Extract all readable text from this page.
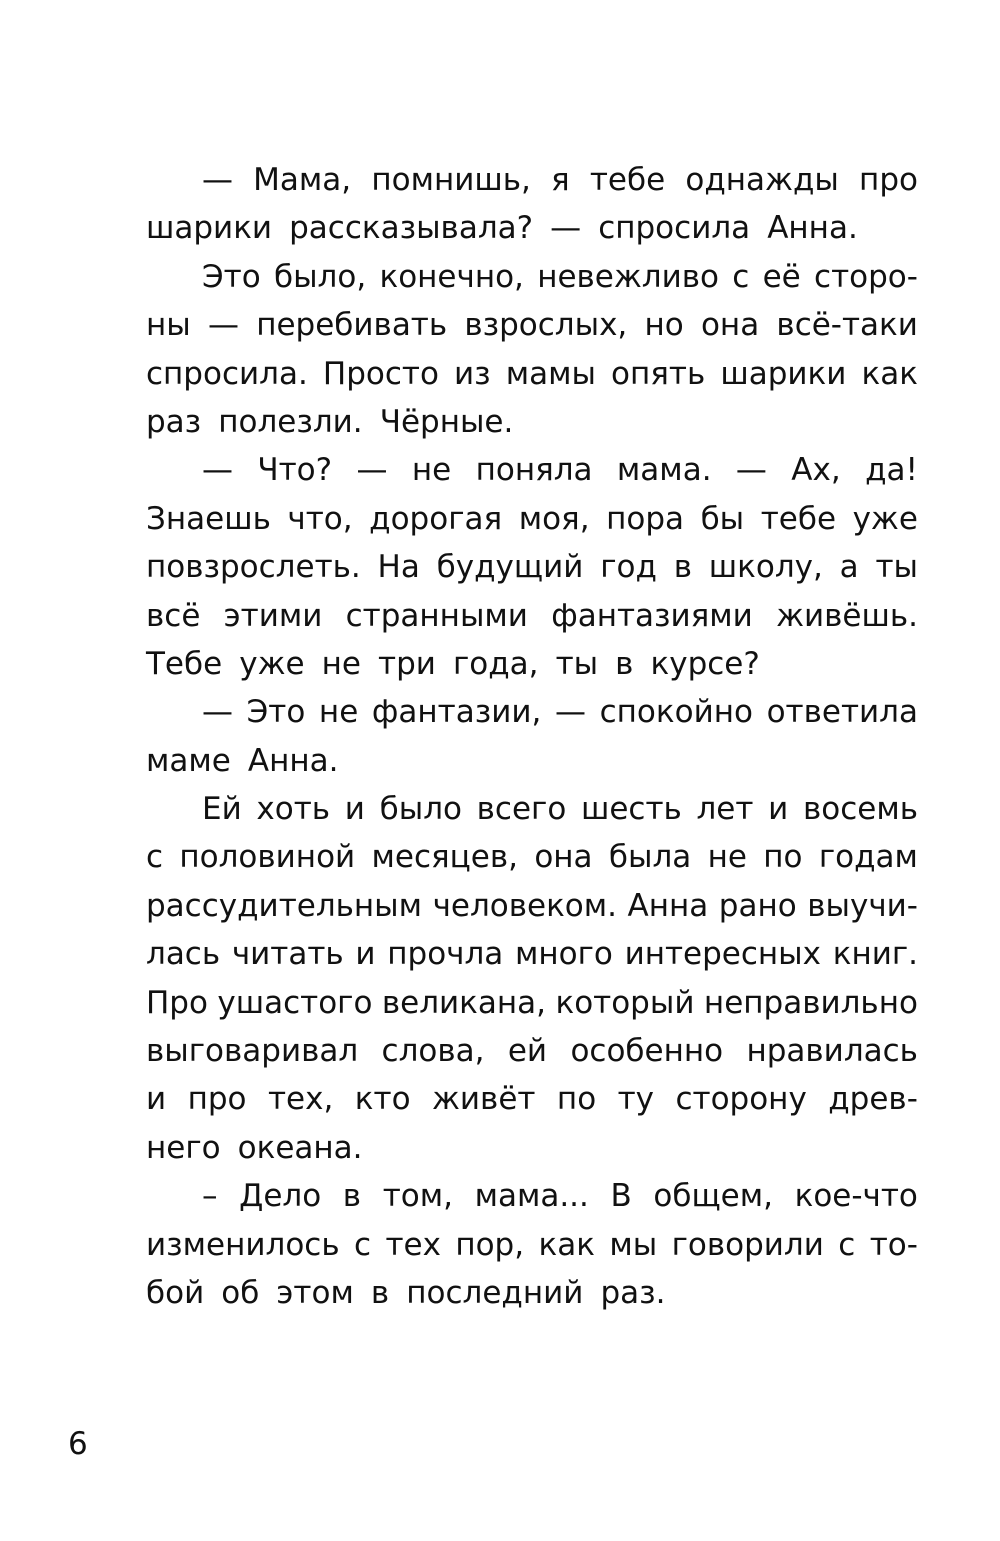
— Мама, помнишь, я тебе однажды про
шарики рассказывала? — спросила Анна.
Это было, конечно, невежливо с её сторо-
ны — перебивать взрослых, но она всё-таки
спросила. Просто из мамы опять шарики как
раз полезли. Чёрные.
— Что? — не поняла мама. — Ах, да!
Знаешь что, дорогая моя, пора бы тебе уже
повзрослеть. На будущий год в школу, а ты
всё этими странными фантазиями живёшь.
Тебе уже не три года, ты в курсе?
— Это не фантазии, — спокойно ответила
маме Анна.
Ей хоть и было всего шесть лет и восемь
с половиной месяцев, она была не по годам
рассудительным человеком. Анна рано выучи-
лась читать и прочла много интересных книг.
Про ушастого великана, который неправильно
выговаривал слова, ей особенно нравилась
и про тех, кто живёт по ту сторону древ-
него океана.
– Дело в том, мама... В общем, кое-что
изменилось с тех пор, как мы говорили с то-
бой об этом в последний раз.
6
